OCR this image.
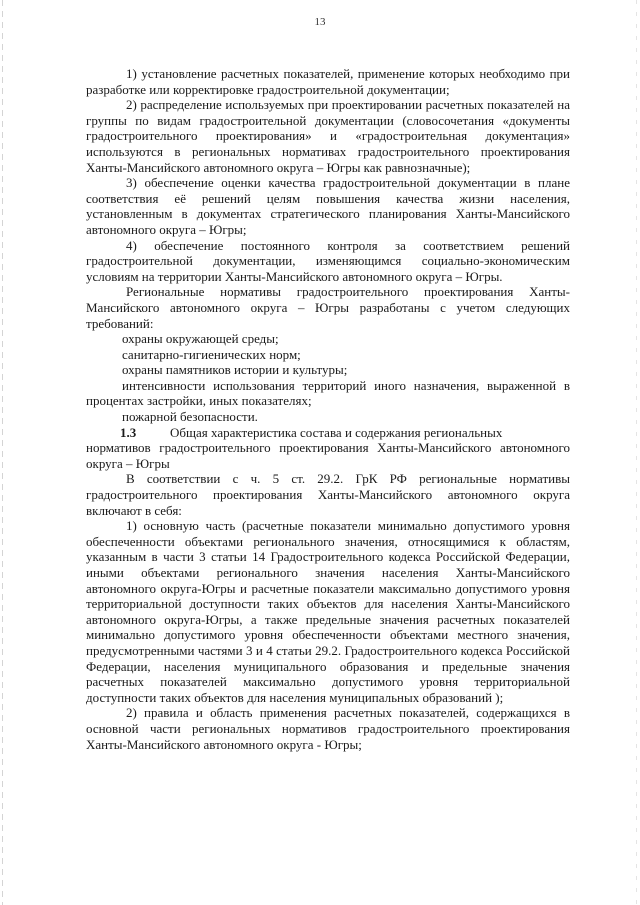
13

1) установление расчетных показателей, применение которых необходимо при разработке или корректировке градостроительной документации;

2) распределение используемых при проектировании расчетных показателей на группы по видам градостроительной документации (словосочетания «документы градостроительного проектирования» и «градостроительная документация» используются в региональных нормативах градостроительного проектирования Ханты-Мансийского автономного округа – Югры как равнозначные);

3) обеспечение оценки качества градостроительной документации в плане соответствия её решений целям повышения качества жизни населения, установленным в документах стратегического планирования Ханты-Мансийского автономного округа – Югры;

4) обеспечение постоянного контроля за соответствием решений градостроительной документации, изменяющимся социально-экономическим условиям на территории Ханты-Мансийского автономного округа – Югры.

Региональные нормативы градостроительного проектирования Ханты-Мансийского автономного округа – Югры разработаны с учетом следующих требований:

охраны окружающей среды;

санитарно-гигиенических норм;

охраны памятников истории и культуры;

интенсивности использования территорий иного назначения, выраженной в процентах застройки, иных показателях;

пожарной безопасности.

1.3	Общая характеристика состава и содержания региональных

нормативов градостроительного проектирования Ханты-Мансийского автономного округа – Югры

В соответствии с ч. 5 ст. 29.2. ГрК РФ региональные нормативы градостроительного проектирования Ханты-Мансийского автономного округа включают в себя:

1) основную часть (расчетные показатели минимально допустимого уровня обеспеченности объектами регионального значения, относящимися к областям, указанным в части 3 статьи 14 Градостроительного кодекса Российской Федерации, иными объектами регионального значения населения Ханты-Мансийского автономного округа-Югры и расчетные показатели максимально допустимого уровня территориальной доступности таких объектов для населения Ханты-Мансийского автономного округа-Югры, а также предельные значения расчетных показателей минимально допустимого уровня обеспеченности объектами местного значения, предусмотренными частями 3 и 4 статьи 29.2. Градостроительного кодекса Российской Федерации, населения муниципального образования и предельные значения расчетных показателей максимально допустимого уровня территориальной доступности таких объектов для населения муниципальных образований );

2) правила и область применения расчетных показателей, содержащихся в основной части региональных нормативов градостроительного проектирования Ханты-Мансийского автономного округа - Югры;
